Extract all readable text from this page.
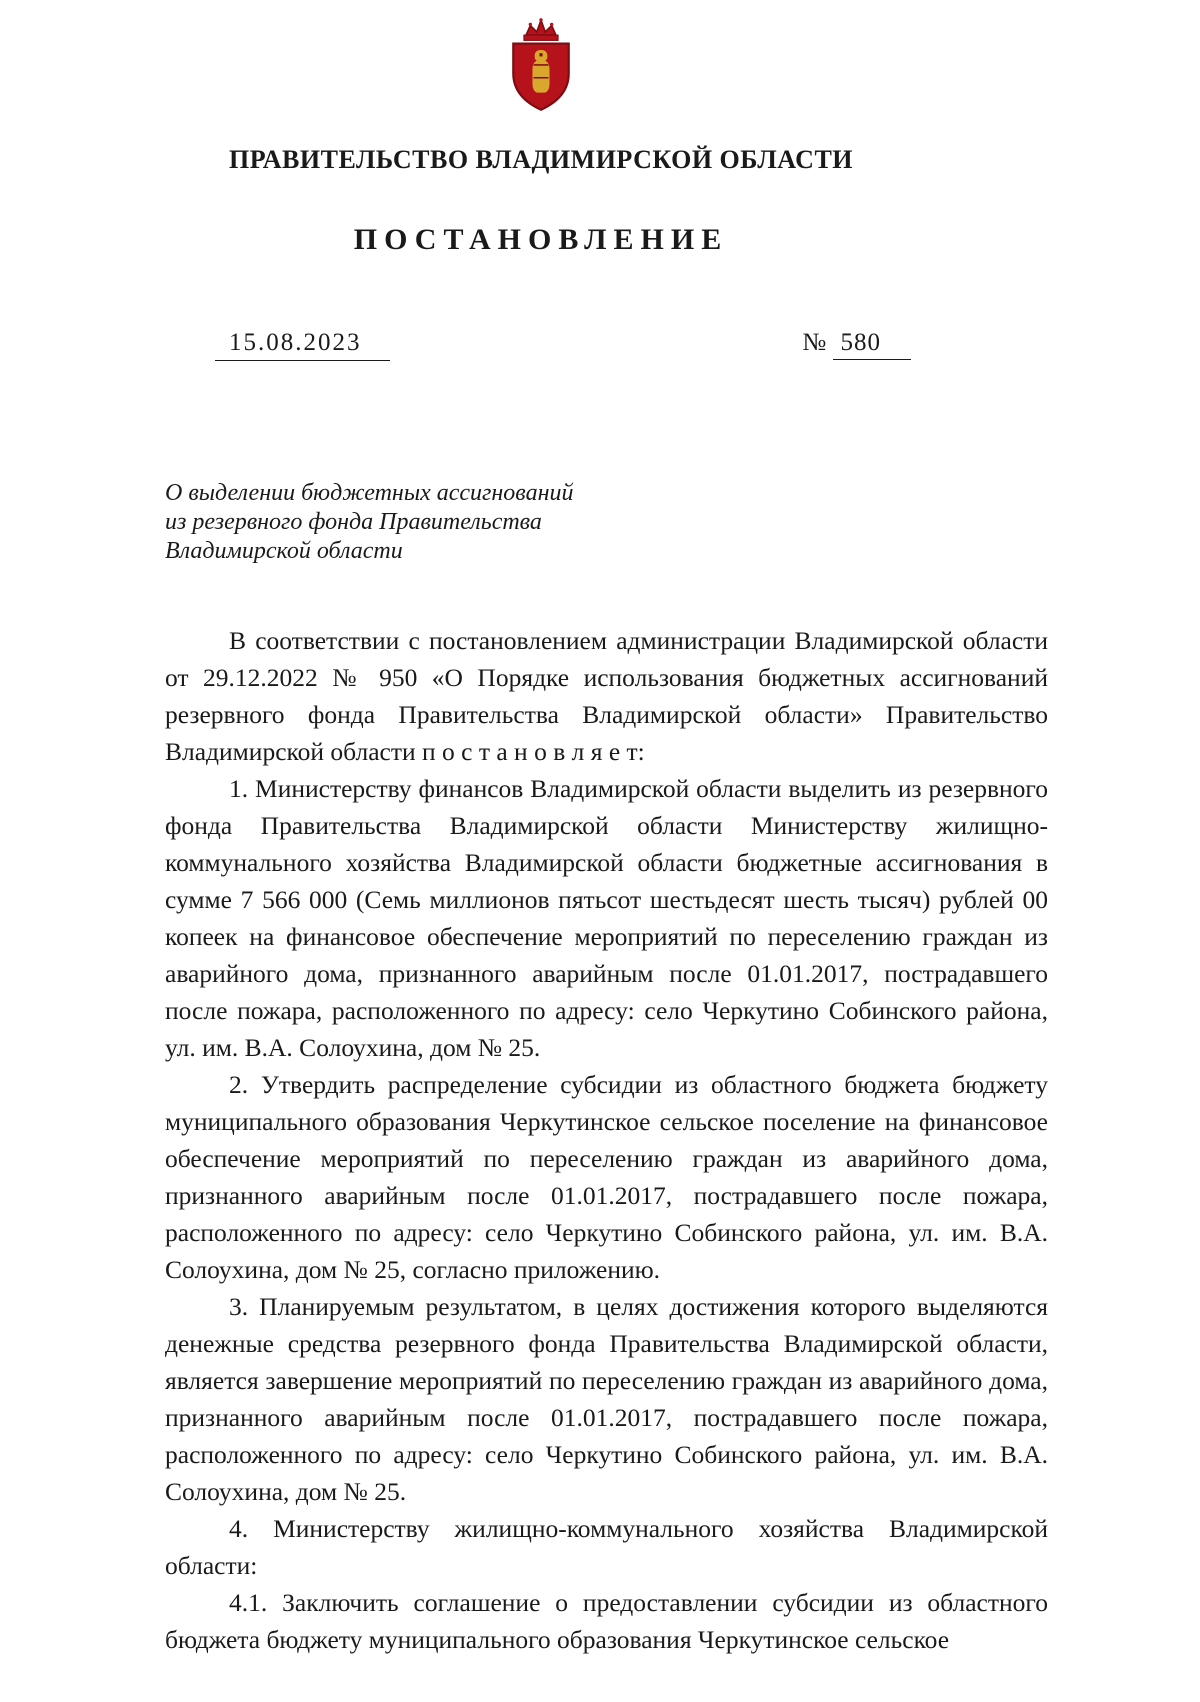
ПРАВИТЕЛЬСТВО ВЛАДИМИРСКОЙ ОБЛАСТИ
ПОСТАНОВЛЕНИЕ
15.08.2023	№ 580
О выделении бюджетных ассигнований
из резервного фонда Правительства
Владимирской области

В соответствии с постановлением администрации Владимирской области от 29.12.2022 № 950 «О Порядке использования бюджетных ассигнований резервного фонда Правительства Владимирской области» Правительство Владимирской области п о с т а н о в л я е т:

1. Министерству финансов Владимирской области выделить из резервного фонда Правительства Владимирской области Министерству жилищно-коммунального хозяйства Владимирской области бюджетные ассигнования в сумме 7 566 000 (Семь миллионов пятьсот шестьдесят шесть тысяч) рублей 00 копеек на финансовое обеспечение мероприятий по переселению граждан из аварийного дома, признанного аварийным после 01.01.2017, пострадавшего после пожара, расположенного по адресу: село Черкутино Собинского района, ул. им. В.А. Солоухина, дом № 25.

2. Утвердить распределение субсидии из областного бюджета бюджету муниципального образования Черкутинское сельское поселение на финансовое обеспечение мероприятий по переселению граждан из аварийного дома, признанного аварийным после 01.01.2017, пострадавшего после пожара, расположенного по адресу: село Черкутино Собинского района, ул. им. В.А. Солоухина, дом № 25, согласно приложению.

3. Планируемым результатом, в целях достижения которого выделяются денежные средства резервного фонда Правительства Владимирской области, является завершение мероприятий по переселению граждан из аварийного дома, признанного аварийным после 01.01.2017, пострадавшего после пожара, расположенного по адресу: село Черкутино Собинского района, ул. им. В.А. Солоухина, дом № 25.

4. Министерству жилищно-коммунального хозяйства Владимирской области:

4.1. Заключить соглашение о предоставлении субсидии из областного бюджета бюджету муниципального образования Черкутинское сельское
